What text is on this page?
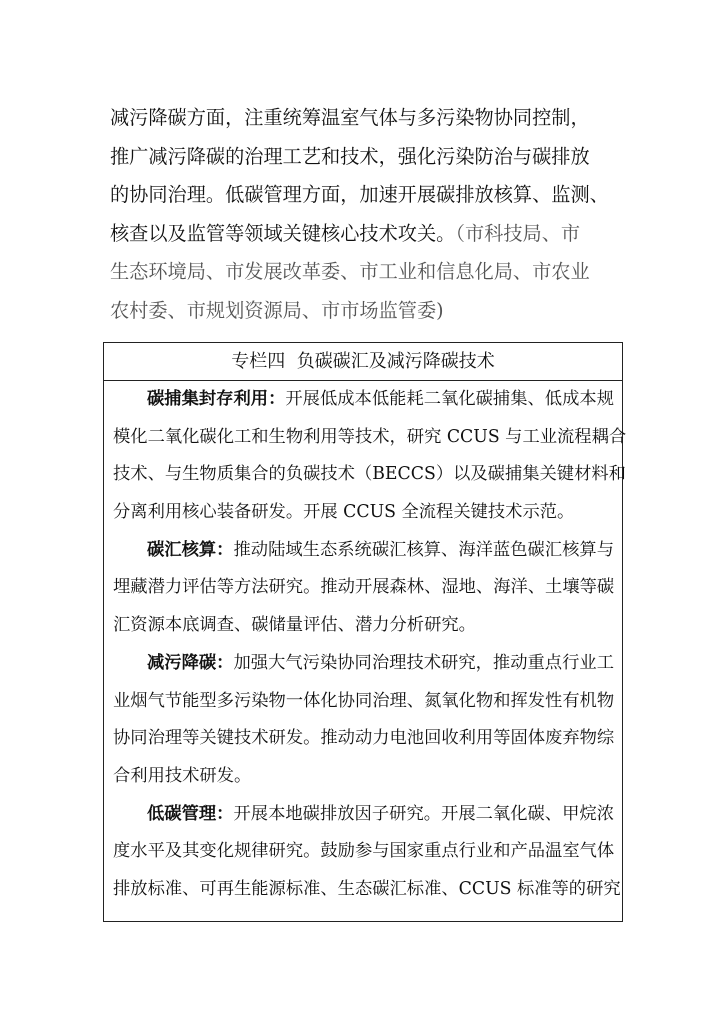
减污降碳方面，注重统筹温室气体与多污染物协同控制，
推广减污降碳的治理工艺和技术，强化污染防治与碳排放
的协同治理。低碳管理方面，加速开展碳排放核算、监测、
核查以及监管等领域关键核心技术攻关。（市科技局、市
生态环境局、市发展改革委、市工业和信息化局、市农业
农村委、市规划资源局、市市场监管委)
专栏四  负碳碳汇及减污降碳技术
碳捕集封存利用：开展低成本低能耗二氧化碳捕集、低成本规
模化二氧化碳化工和生物利用等技术，研究 CCUS 与工业流程耦合
技术、与生物质集合的负碳技术（BECCS）以及碳捕集关键材料和
分离利用核心装备研发。开展 CCUS 全流程关键技术示范。
碳汇核算：推动陆域生态系统碳汇核算、海洋蓝色碳汇核算与
埋藏潜力评估等方法研究。推动开展森林、湿地、海洋、土壤等碳
汇资源本底调查、碳储量评估、潜力分析研究。
减污降碳：加强大气污染协同治理技术研究，推动重点行业工
业烟气节能型多污染物一体化协同治理、氮氧化物和挥发性有机物
协同治理等关键技术研发。推动动力电池回收利用等固体废弃物综
合利用技术研发。
低碳管理：开展本地碳排放因子研究。开展二氧化碳、甲烷浓
度水平及其变化规律研究。鼓励参与国家重点行业和产品温室气体
排放标准、可再生能源标准、生态碳汇标准、CCUS 标准等的研究
